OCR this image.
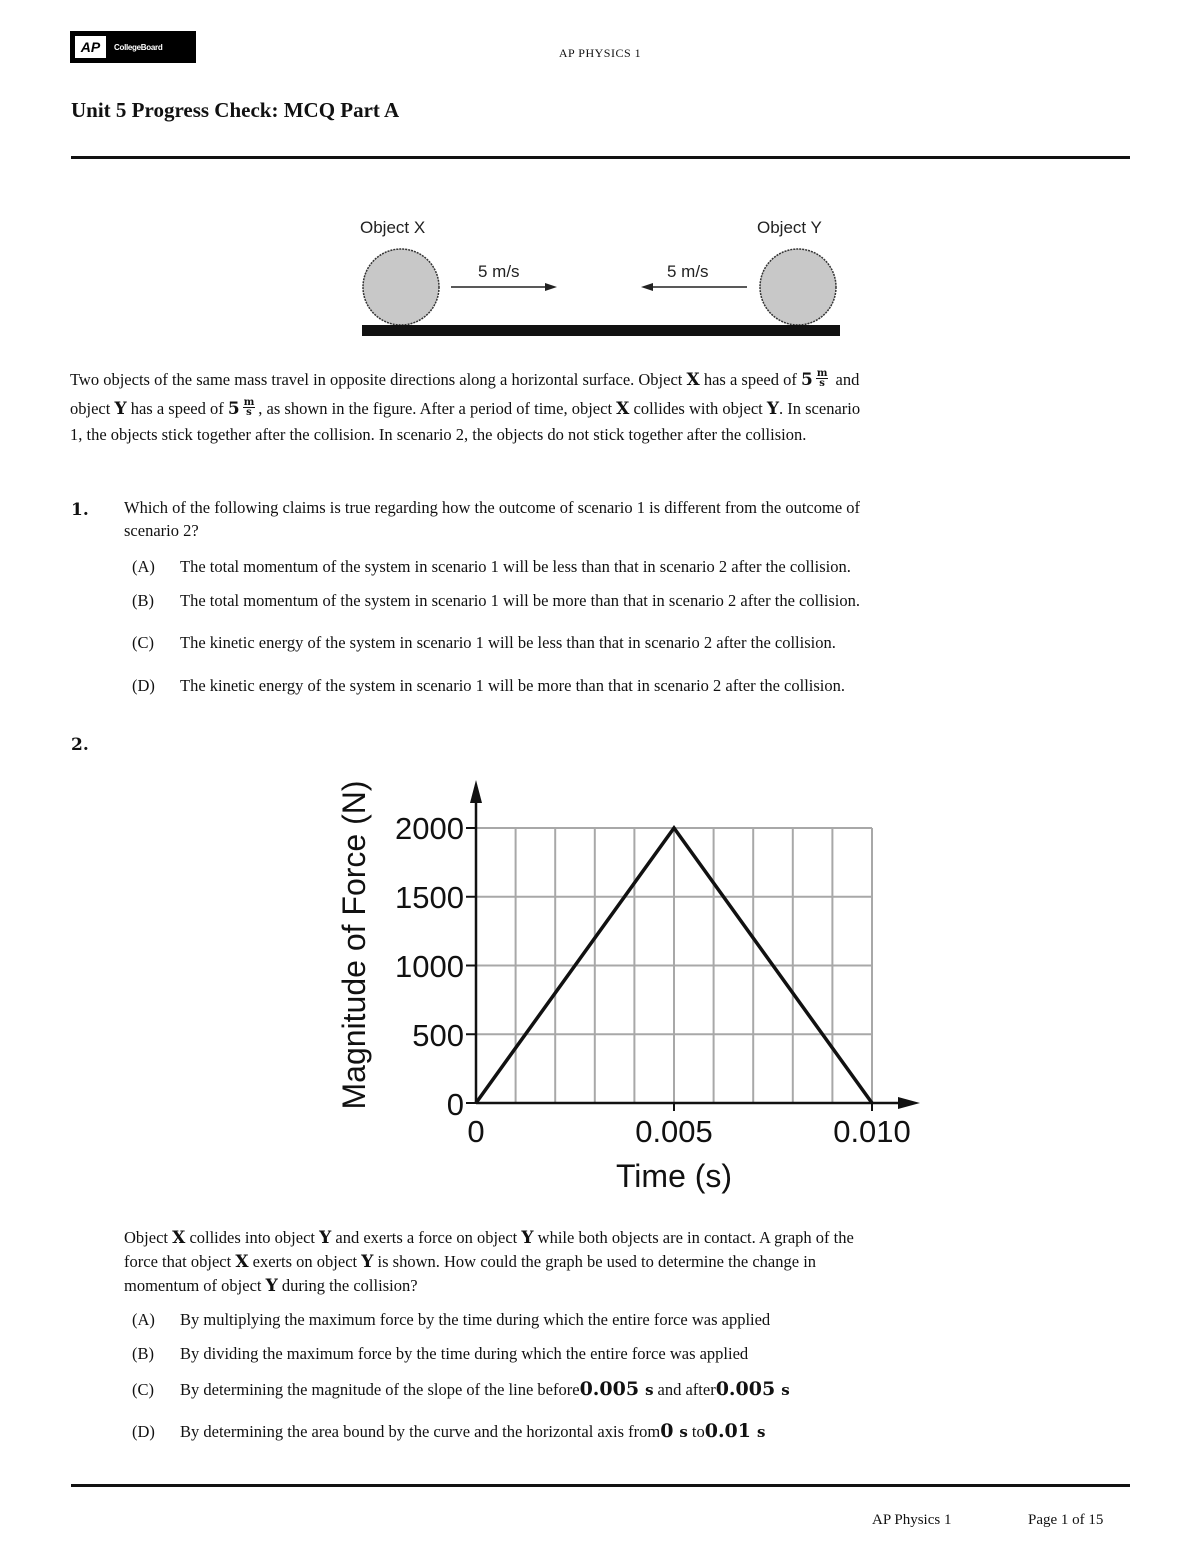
AP	CollegeBoard	AP PHYSICS 1
Unit 5 Progress Check: MCQ Part A
Object X	Object Y
5 m/s	5 m/s
Two objects of the same mass travel in opposite directions along a horizontal surface. Object X has a speed of $5 \frac{m}{s}$ and
object Y has a speed of $5 \frac{m}{s}$ , as shown in the figure. After a period of time, object X collides with object Y. In scenario
1, the objects stick together after the collision. In scenario 2, the objects do not stick together after the collision.
1. Which of the following claims is true regarding how the outcome of scenario 1 is different from the outcome of
scenario 2?
(A)	The total momentum of the system in scenario 1 will be less than that in scenario 2 after the collision.
(B)	The total momentum of the system in scenario 1 will be more than that in scenario 2 after the collision.
(C)	The kinetic energy of the system in scenario 1 will be less than that in scenario 2 after the collision.
(D)	The kinetic energy of the system in scenario 1 will be more than that in scenario 2 after the collision.
2.
2000
1500
1000
500
0
0	0.005	0.010
Time (s)
Magnitude of Force (N)
Object X collides into object Y and exerts a force on object Y while both objects are in contact. A graph of the
force that object X exerts on object Y is shown. How could the graph be used to determine the change in
momentum of object Y during the collision?
(A)	By multiplying the maximum force by the time during which the entire force was applied
(B)	By dividing the maximum force by the time during which the entire force was applied
(C)	By determining the magnitude of the slope of the line before 0.005 s and after 0.005 s
(D)	By determining the area bound by the curve and the horizontal axis from 0 s to 0.01 s
AP Physics 1	Page 1 of 15
